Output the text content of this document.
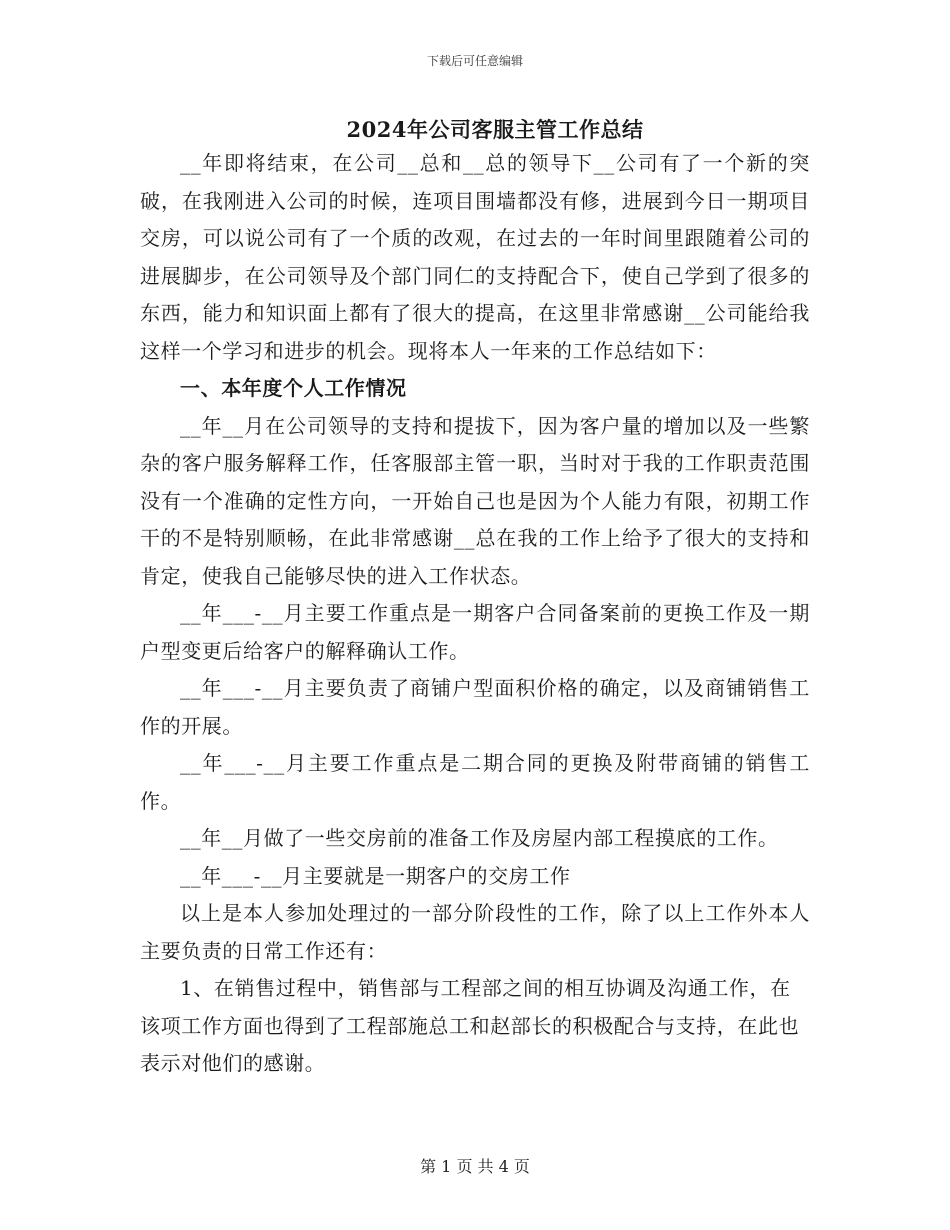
下载后可任意编辑
2024年公司客服主管工作总结

__年即将结束，在公司__总和__总的领导下__公司有了一个新的突破，在我刚进入公司的时候，连项目围墙都没有修，进展到今日一期项目交房，可以说公司有了一个质的改观，在过去的一年时间里跟随着公司的进展脚步，在公司领导及个部门同仁的支持配合下，使自己学到了很多的东西，能力和知识面上都有了很大的提高，在这里非常感谢__公司能给我这样一个学习和进步的机会。现将本人一年来的工作总结如下：

一、本年度个人工作情况

__年__月在公司领导的支持和提拔下，因为客户量的增加以及一些繁杂的客户服务解释工作，任客服部主管一职，当时对于我的工作职责范围没有一个准确的定性方向，一开始自己也是因为个人能力有限，初期工作干的不是特别顺畅，在此非常感谢__总在我的工作上给予了很大的支持和肯定，使我自己能够尽快的进入工作状态。

__年___-__月主要工作重点是一期客户合同备案前的更换工作及一期户型变更后给客户的解释确认工作。

__年___-__月主要负责了商铺户型面积价格的确定，以及商铺销售工作的开展。

__年___-__月主要工作重点是二期合同的更换及附带商铺的销售工作。

__年__月做了一些交房前的准备工作及房屋内部工程摸底的工作。

__年___-__月主要就是一期客户的交房工作

以上是本人参加处理过的一部分阶段性的工作，除了以上工作外本人主要负责的日常工作还有：

1、在销售过程中，销售部与工程部之间的相互协调及沟通工作，在该项工作方面也得到了工程部施总工和赵部长的积极配合与支持，在此也表示对他们的感谢。

第 1 页 共 4 页
